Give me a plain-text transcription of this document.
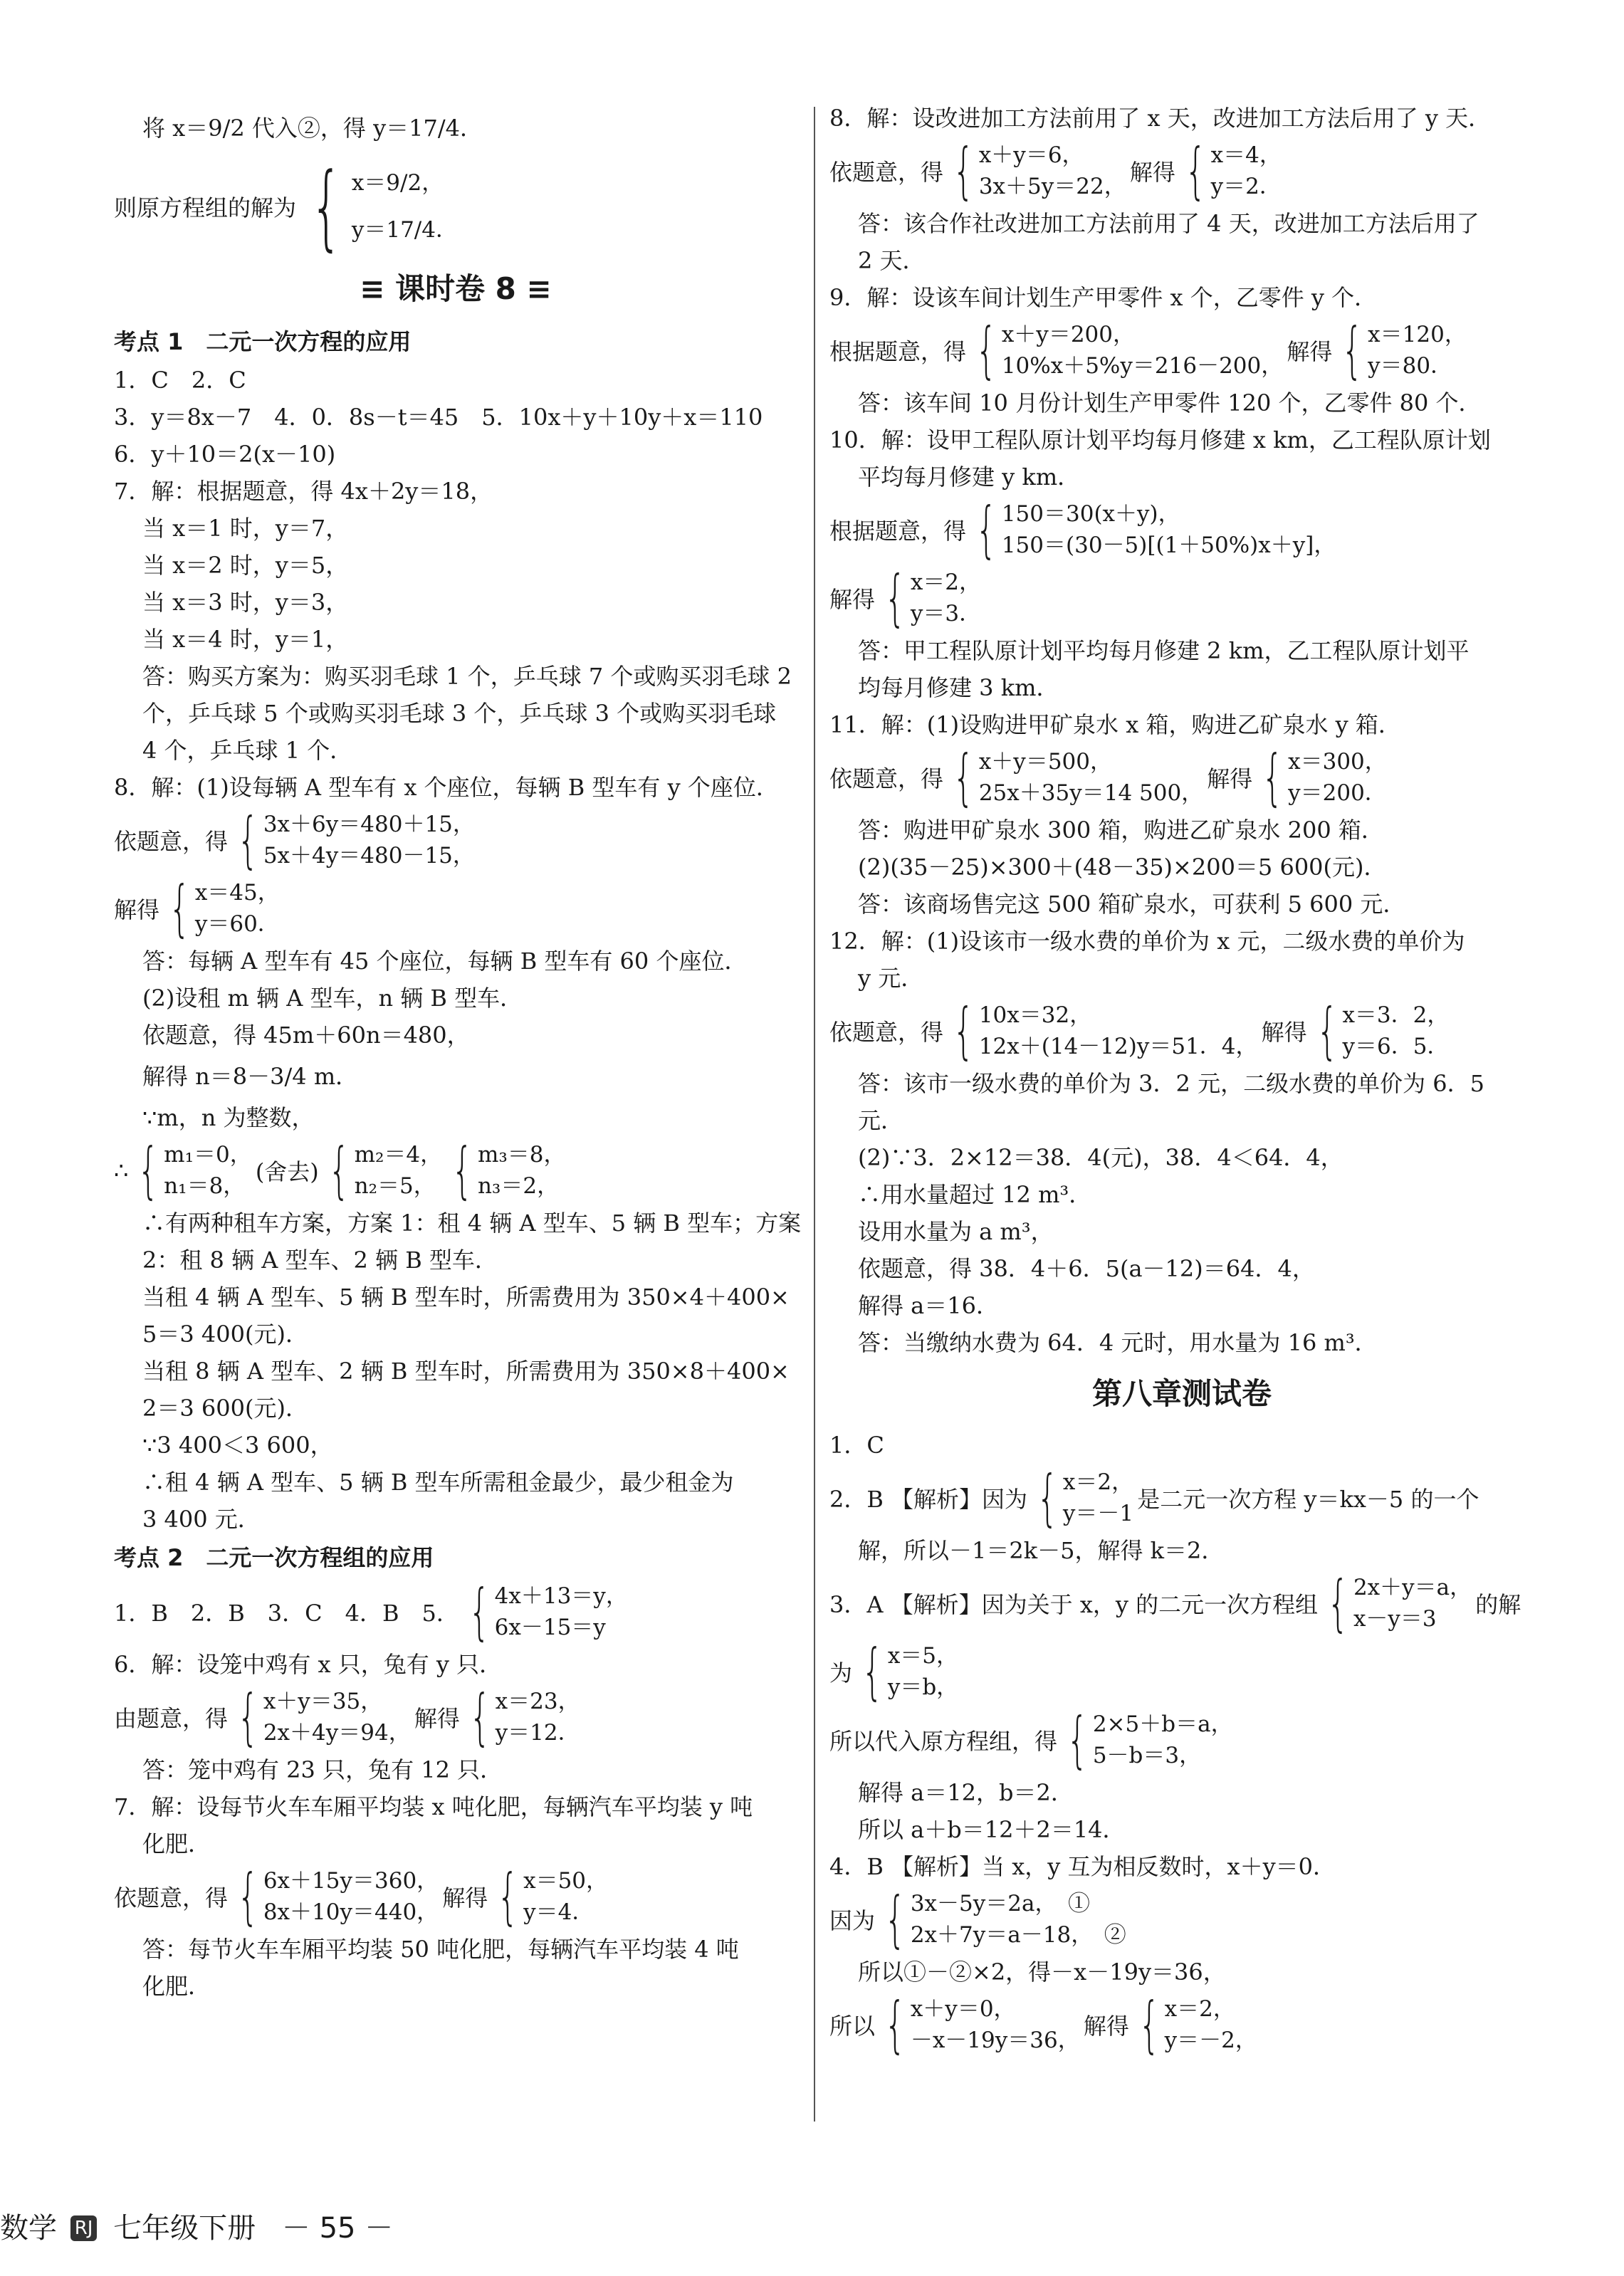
将 x＝9/2 代入②，得 y＝17/4．
则原方程组的解为 { x＝9/2，
y＝17/4．
≡ 课时卷 8 ≡
考点 1　二元一次方程的应用
1．C　2．C
3．y＝8x－7　4．0．8s－t＝45　5．10x＋y＋10y＋x＝110
6．y＋10＝2(x－10)
7．解：根据题意，得 4x＋2y＝18，
当 x＝1 时，y＝7，
当 x＝2 时，y＝5，
当 x＝3 时，y＝3，
当 x＝4 时，y＝1，
答：购买方案为：购买羽毛球 1 个，乒乓球 7 个或购买羽毛球 2
个，乒乓球 5 个或购买羽毛球 3 个，乒乓球 3 个或购买羽毛球
4 个，乒乓球 1 个．
8．解：(1)设每辆 A 型车有 x 个座位，每辆 B 型车有 y 个座位．
依题意，得 { 3x＋6y＝480＋15，
5x＋4y＝480－15，
解得 { x＝45，
y＝60．
答：每辆 A 型车有 45 个座位，每辆 B 型车有 60 个座位．
(2)设租 m 辆 A 型车，n 辆 B 型车．
依题意，得 45m＋60n＝480，
解得 n＝8－3/4 m．
∵m，n 为整数，
∴ { m₁＝0，
n₁＝8，
(舍去) { m₂＝4，
n₂＝5，
{ m₃＝8，
n₃＝2，
∴有两种租车方案，方案 1：租 4 辆 A 型车、5 辆 B 型车；方案
2：租 8 辆 A 型车、2 辆 B 型车．
当租 4 辆 A 型车、5 辆 B 型车时，所需费用为 350×4＋400×
5＝3 400(元)．
当租 8 辆 A 型车、2 辆 B 型车时，所需费用为 350×8＋400×
2＝3 600(元)．
∵3 400＜3 600，
∴租 4 辆 A 型车、5 辆 B 型车所需租金最少，最少租金为
3 400 元．
考点 2　二元一次方程组的应用
1．B　2．B　3．C　4．B　5． { 4x＋13＝y，
6x－15＝y
6．解：设笼中鸡有 x 只，兔有 y 只．
由题意，得 { x＋y＝35，
2x＋4y＝94，
解得 { x＝23，
y＝12．
答：笼中鸡有 23 只，兔有 12 只．
7．解：设每节火车车厢平均装 x 吨化肥，每辆汽车平均装 y 吨
化肥．
依题意，得 { 6x＋15y＝360，
8x＋10y＝440，
解得 { x＝50，
y＝4．
答：每节火车车厢平均装 50 吨化肥，每辆汽车平均装 4 吨
化肥．
8．解：设改进加工方法前用了 x 天，改进加工方法后用了 y 天．
依题意，得 { x＋y＝6，
3x＋5y＝22，
解得 { x＝4，
y＝2．
答：该合作社改进加工方法前用了 4 天，改进加工方法后用了
2 天．
9．解：设该车间计划生产甲零件 x 个，乙零件 y 个．
根据题意，得 { x＋y＝200，
10%x＋5%y＝216－200，
解得 { x＝120，
y＝80．
答：该车间 10 月份计划生产甲零件 120 个，乙零件 80 个．
10．解：设甲工程队原计划平均每月修建 x km，乙工程队原计划
平均每月修建 y km．
根据题意，得 { 150＝30(x＋y)，
150＝(30－5)[(1＋50%)x＋y]，
解得 { x＝2，
y＝3．
答：甲工程队原计划平均每月修建 2 km，乙工程队原计划平
均每月修建 3 km．
11．解：(1)设购进甲矿泉水 x 箱，购进乙矿泉水 y 箱．
依题意，得 { x＋y＝500，
25x＋35y＝14 500，
解得 { x＝300，
y＝200．
答：购进甲矿泉水 300 箱，购进乙矿泉水 200 箱．
(2)(35－25)×300＋(48－35)×200＝5 600(元)．
答：该商场售完这 500 箱矿泉水，可获利 5 600 元．
12．解：(1)设该市一级水费的单价为 x 元，二级水费的单价为
y 元．
依题意，得 { 10x＝32，
12x＋(14－12)y＝51．4，
解得 { x＝3．2，
y＝6．5．
答：该市一级水费的单价为 3．2 元，二级水费的单价为 6．5
元．
(2)∵3．2×12＝38．4(元)，38．4＜64．4，
∴用水量超过 12 m³．
设用水量为 a m³，
依题意，得 38．4＋6．5(a－12)＝64．4，
解得 a＝16．
答：当缴纳水费为 64．4 元时，用水量为 16 m³．
第八章测试卷
1．C
2．B 【解析】因为 { x＝2，
y＝－1
是二元一次方程 y＝kx－5 的一个
解，所以－1＝2k－5，解得 k＝2．
3．A 【解析】因为关于 x，y 的二元一次方程组 { 2x＋y＝a，
x－y＝3
的解
为 { x＝5，
y＝b，
所以代入原方程组，得 { 2×5＋b＝a，
5－b＝3，
解得 a＝12，b＝2．
所以 a＋b＝12＋2＝14．
4．B 【解析】当 x，y 互为相反数时，x＋y＝0．
因为 { 3x－5y＝2a，　①
2x＋7y＝a－18，　②
所以①－②×2，得－x－19y＝36，
所以 { x＋y＝0，
－x－19y＝36，
解得 { x＝2，
y＝－2，
数学 RJ 七年级下册 － 55 －
